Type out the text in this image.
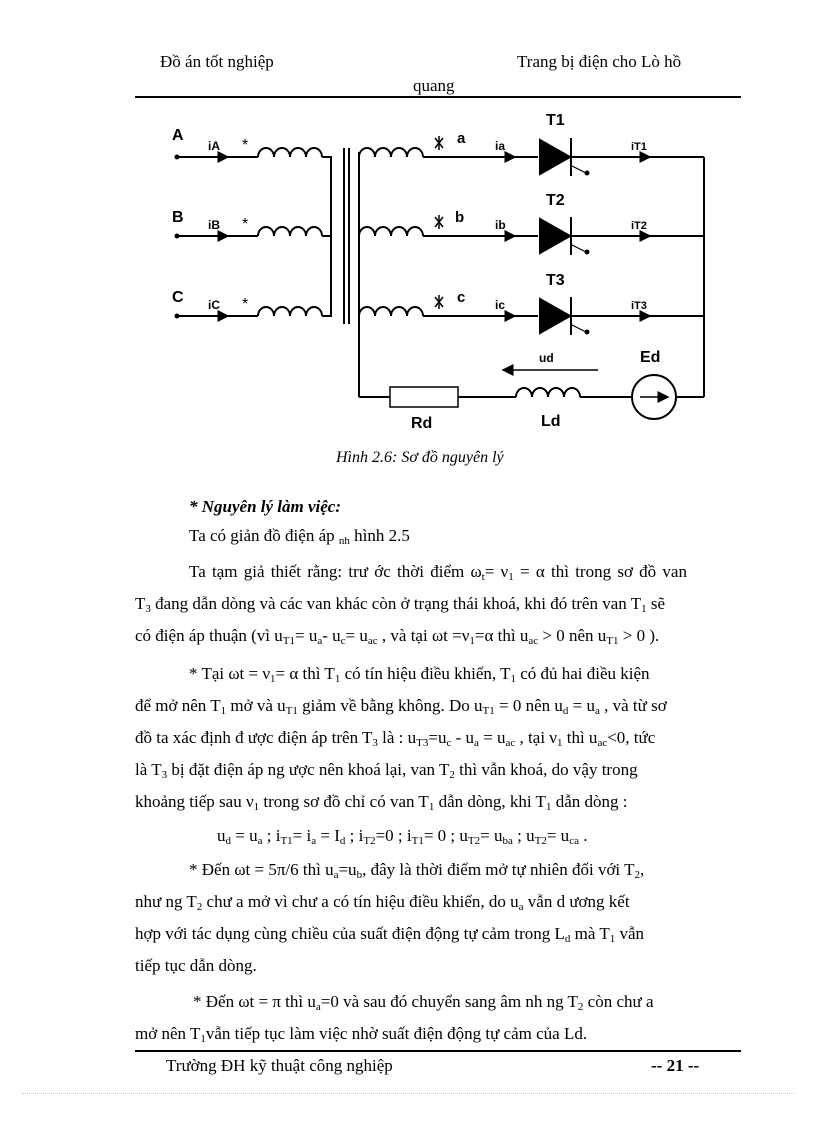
Đồ án tốt nghiệp	Trang bị điện cho Lò hồ
quang
A
B
C
iA
iB
iC
*
*
*
a
b
c
ia
ib
ic
T1
T2
T3
iT1
iT2
iT3
ud	Ed
Rd	Ld
Hình 2.6: Sơ đồ nguyên lý
* Nguyên lý làm việc:
Ta có giản đồ điện áp $_{nh}$ hình 2.5
Ta tạm giả thiết rằng: trư ớc thời điểm $\omega_t= \nu_1 = \alpha$ thì trong sơ đồ van
$T_3$ đang dẫn dòng và các van khác còn ở trạng thái khoá, khi đó trên van $T_1$ sẽ
có điện áp thuận (vì $u_{T1}= u_a-$ $u_c= u_{ac}$ , và tại $\omega t =\nu_1=\alpha$ thì $u_{ac} > 0$ nên $u_{T1} > 0$ ).
* Tại $\omega t = \nu_1= \alpha$ thì $T_1$ có tín hiệu điều khiển, $T_1$ có đủ hai điều kiện
để mở nên $T_1$ mở và $u_{T1}$ giảm về bằng không. Do $u_{T1} = 0$ nên $u_d = u_a$ , và từ sơ
đồ ta xác định đ ược điện áp trên $T_3$ là : $u_{T3}=u_c - u_a = u_{ac}$ , tại $\nu_1$ thì $u_{ac}<0$, tức
là $T_3$ bị đặt điện áp ng ược nên khoá lại, van $T_2$ thì vẫn khoá, do vậy trong
khoảng tiếp sau $\nu_1$ trong sơ đồ chỉ có van $T_1$ dẫn dòng, khi $T_1$ dẫn dòng :
$u_d = u_a$ ; $i_{T1}= i_a = I_d$ ; $i_{T2}=0$ ; $i_{T1}= 0$ ; $u_{T2}= u_{ba}$ ; $u_{T2}= u_{ca}$ .
* Đến ωt = 5π/6 thì $u_a=u_b$, đây là thời điểm mở tự nhiên đối với $T_2$,
như ng $T_2$ chư a mở vì chư a có tín hiệu điều khiển, do $u_a$ vẫn d ương kết
hợp với tác dụng cùng chiều của suất điện động tự cảm trong $L_d$ mà $T_1$ vẫn
tiếp tục dẫn dòng.
* Đến ωt = π thì $u_a=0$ và sau đó chuyển sang âm nh ng $T_2$ còn chư a
mở nên $T_1vẫn$ tiếp tục làm việc nhờ suất điện động tự cảm của Ld.
Trường ĐH kỹ thuật công nghiệp	-- 21 --
